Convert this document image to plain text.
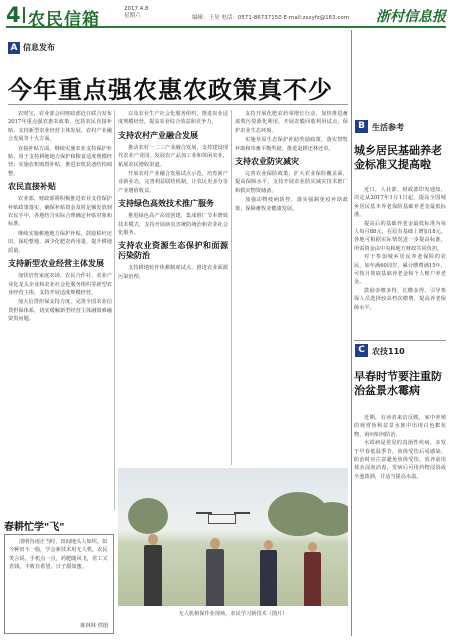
4 农民信箱
2017.4.8
星期六	编辑：王昊 电话：0571-86737150 E-mail:zsxyfz@163.com 浙村信息报
A 信息发布
今年重点强农惠农政策真不少

农财宝，农业部会同财政部近日联合发布2017年重点强农惠农政策，包括农民直接补贴、支持新型农业经营主体发展、农村产业融合发展等十大方面。

直接补贴方面，继续实施农业支持保护补贴，用于支持耕地地力保护和粮食适度规模经营；实施农机购置补贴，推进农机装备结构调整。

农民直接补贴

农业部、财政部将积极推进农业支持保护补贴政策落实，确保补贴资金及时足额发放到农民手中，各地结合实际合理确定补贴对象和标准。

继续实施耕地地力保护补贴，鼓励秸秆还田、深松整地，减少化肥农药用量，提升耕地质量。

支持新型农业经营主体发展

加快培育家庭农场、农民合作社、农业产业化龙头企业和农业社会化服务组织等新型农业经营主体，支持开展适度规模经营。

加大信贷担保支持力度，完善全国农业信贷担保体系，切实缓解新型经营主体融资难融资贵问题。

以及农业生产社会化服务组织，推进农业适度规模经营，提高农业综合效益和竞争力。

支持农村产业融合发展

推动农村一二三产业融合发展，支持建设现代农业产业园，发展农产品加工业和休闲农业，拓展农民增收渠道。

开展农村产业融合发展试点示范，培育新产业新业态，完善利益联结机制，让农民更多分享产业增值收益。

支持绿色高效技术推广服务

推进绿色高产高效创建，集成推广节本增效技术模式，支持开展病虫害统防统治和农业社会化服务。

支持农业资源生态保护和面源污染防治

支持耕地轮作休耕制度试点，推进农业面源污染治理。

支持开展化肥农药零增长行动，加快推进畜禽粪污资源化利用，开展农膜回收利用试点，保护农业生态环境。

实施草原生态保护补助奖励政策，落实禁牧补助和草畜平衡奖励，推进退耕还林还草。

支持农业防灾减灾

完善农业保险政策，扩大农业保险覆盖面，提高保障水平，支持开展农业防灾减灾技术推广和救灾物资储备。

加强动物疫病防控，落实强制免疫补助政策，保障畜牧业健康发展。

无人机植保作业现场，农民学习新技术（图片）
春耕忙学"飞"

清明谷雨正当时，田间地头人如织。如今种田不一般，学会新技术用无人机。农民笑言说，手机点一点，药肥随风飞，省工又省钱，丰收有希望，日子甜如蜜。

陈林林 供图
B 生活参考
城乡居民基础养老金标准又提高啦

近日，人社部、财政部印发通知，决定从2017年1月1日起，提高全国城乡居民基本养老保险基础养老金最低标准。

提高后的基础养老金最低标准为每人每月88元，在原有基础上增加18元。各地可根据实际情况进一步提高标准，所需资金由中央和地方财政共同负担。

对于参加城乡居民养老保险的农民，如年满60周岁、累计缴费满15年，可按月领取基础养老金和个人账户养老金。

鼓励多缴多得、长缴多得，引导参保人员选择较高档次缴费，提高养老保障水平。

C 农技110
早春时节要注重防治盆景水霉病

近期，有读者来信反映，家中养殖的观赏鱼和盆景水族中出现白色絮状物，询问如何防治。

水霉病是常见的真菌性疾病，多发于早春低温季节，鱼体受伤后易感染。防治时应注意避免鱼体受伤，放养前用盐水浸泡消毒，发病后可用药物浸浴或全池泼洒，并适当提高水温。
